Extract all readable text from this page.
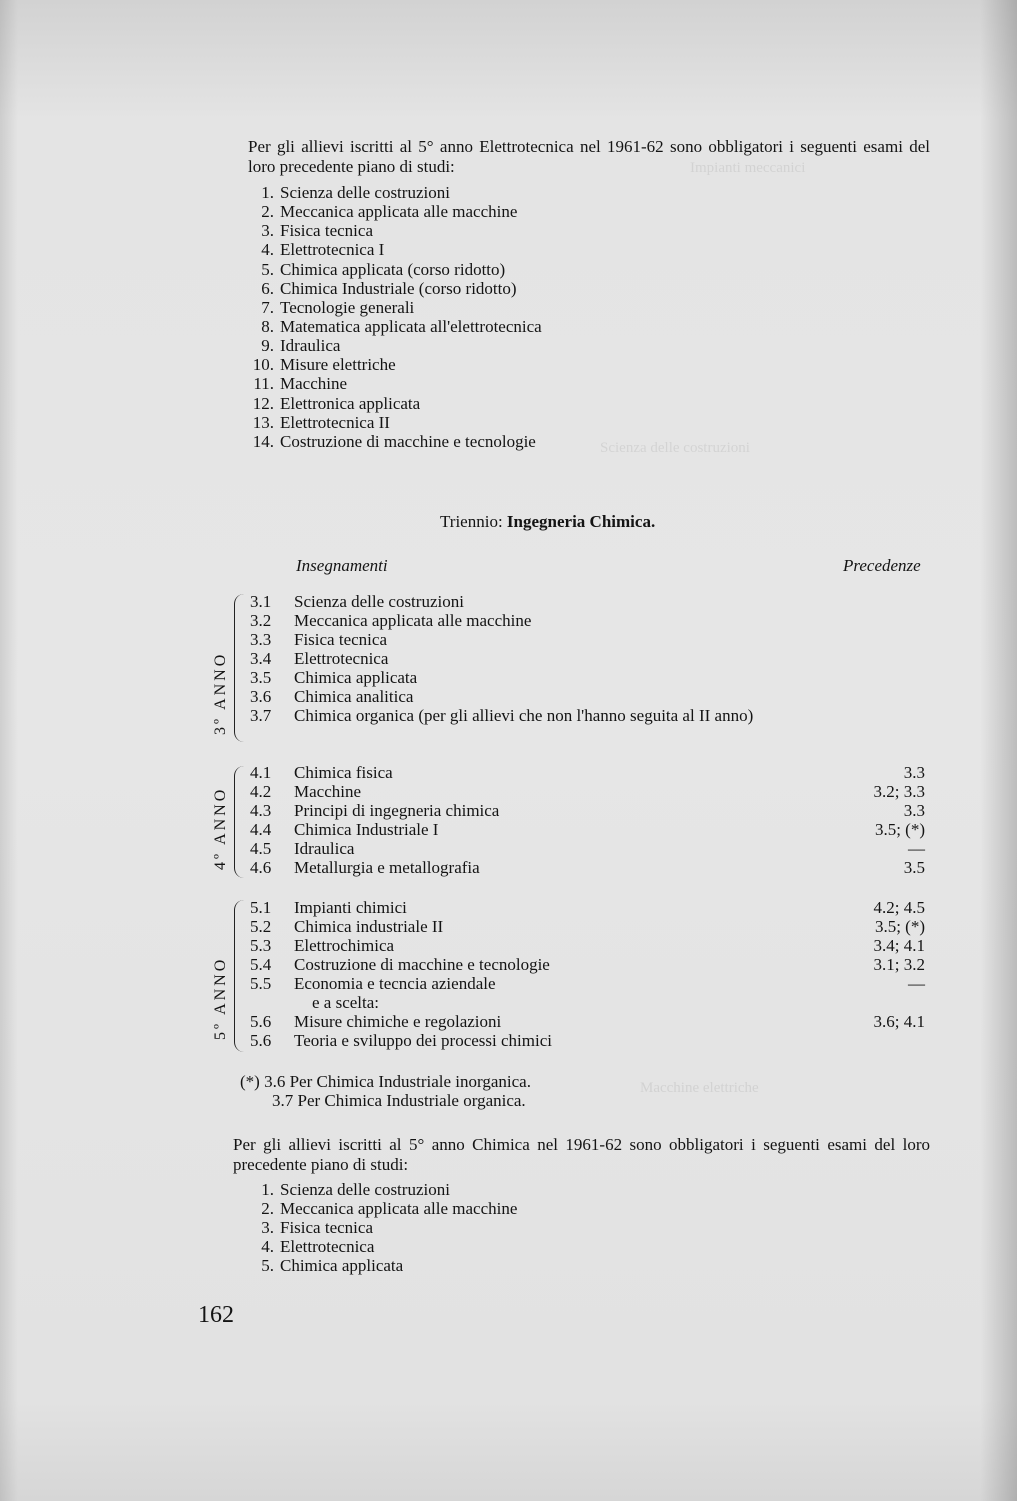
Impianti meccanici
Scienza delle costruzioni
Macchine elettriche
Per gli allievi iscritti al 5° anno Elettrotecnica nel 1961-62 sono obbligatori i seguenti esami del loro precedente piano di studi:
1. Scienza delle costruzioni
2. Meccanica applicata alle macchine
3. Fisica tecnica
4. Elettrotecnica I
5. Chimica applicata (corso ridotto)
6. Chimica Industriale (corso ridotto)
7. Tecnologie generali
8. Matematica applicata all'elettrotecnica
9. Idraulica
10. Misure elettriche
11. Macchine
12. Elettronica applicata
13. Elettrotecnica II
14. Costruzione di macchine e tecnologie
Triennio: Ingegneria Chimica.
Insegnamenti	Precedenze
3º ANNO
3.1	Scienza delle costruzioni
3.2	Meccanica applicata alle macchine
3.3	Fisica tecnica
3.4	Elettrotecnica
3.5	Chimica applicata
3.6	Chimica analitica
3.7	Chimica organica (per gli allievi che non l'hanno seguita al II anno)
4º ANNO
4.1	Chimica fisica	3.3
4.2	Macchine	3.2; 3.3
4.3	Principi di ingegneria chimica	3.3
4.4	Chimica Industriale I	3.5; (*)
4.5	Idraulica	—
4.6	Metallurgia e metallografia	3.5
5º ANNO
5.1	Impianti chimici	4.2; 4.5
5.2	Chimica industriale II	3.5; (*)
5.3	Elettrochimica	3.4; 4.1
5.4	Costruzione di macchine e tecnologie	3.1; 3.2
5.5	Economia e tecncia aziendale	—
e a scelta:
5.6	Misure chimiche e regolazioni	3.6; 4.1
5.6	Teoria e sviluppo dei processi chimici
(*) 3.6 Per Chimica Industriale inorganica.
3.7 Per Chimica Industriale organica.
Per gli allievi iscritti al 5° anno Chimica nel 1961-62 sono obbligatori i seguenti esami del loro precedente piano di studi:
1. Scienza delle costruzioni
2. Meccanica applicata alle macchine
3. Fisica tecnica
4. Elettrotecnica
5. Chimica applicata
162
